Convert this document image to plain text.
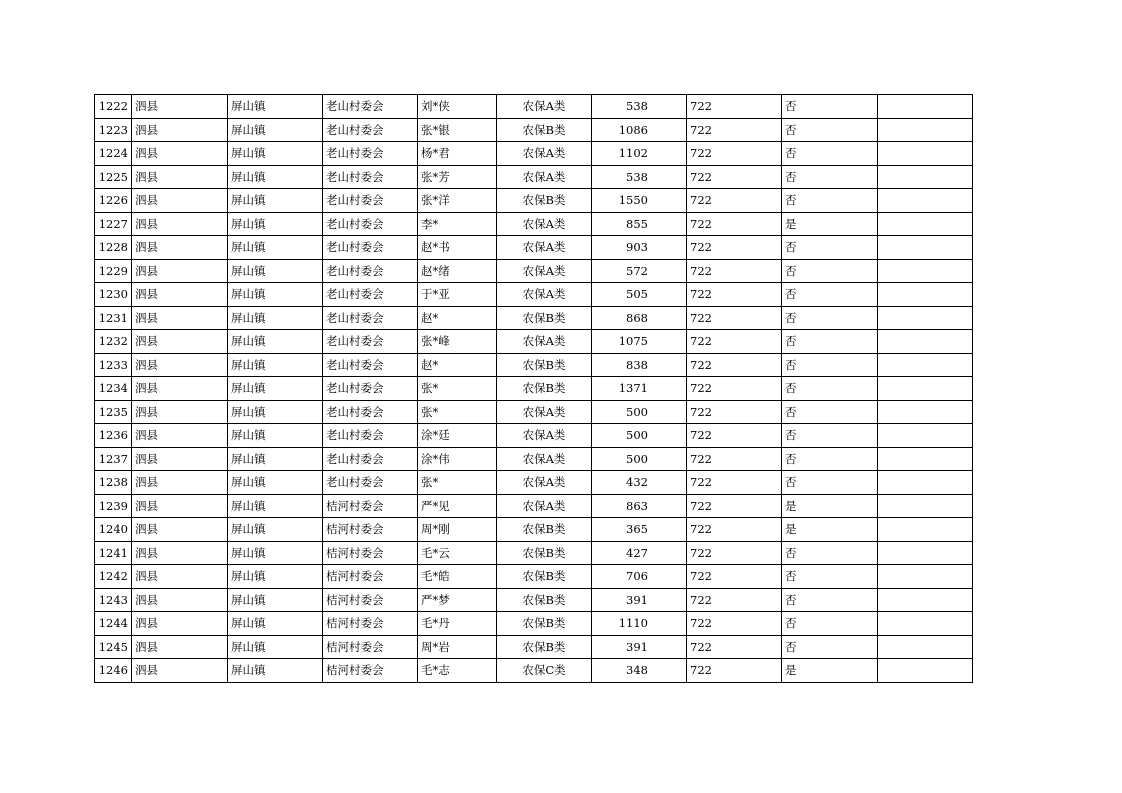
1222	泗县	屏山镇	老山村委会	刘*侠	农保A类	538	722	否	
1223	泗县	屏山镇	老山村委会	张*银	农保B类	1086	722	否	
1224	泗县	屏山镇	老山村委会	杨*君	农保A类	1102	722	否	
1225	泗县	屏山镇	老山村委会	张*芳	农保A类	538	722	否	
1226	泗县	屏山镇	老山村委会	张*洋	农保B类	1550	722	否	
1227	泗县	屏山镇	老山村委会	李*	农保A类	855	722	是	
1228	泗县	屏山镇	老山村委会	赵*书	农保A类	903	722	否	
1229	泗县	屏山镇	老山村委会	赵*绪	农保A类	572	722	否	
1230	泗县	屏山镇	老山村委会	于*亚	农保A类	505	722	否	
1231	泗县	屏山镇	老山村委会	赵*	农保B类	868	722	否	
1232	泗县	屏山镇	老山村委会	张*峰	农保A类	1075	722	否	
1233	泗县	屏山镇	老山村委会	赵*	农保B类	838	722	否	
1234	泗县	屏山镇	老山村委会	张*	农保B类	1371	722	否	
1235	泗县	屏山镇	老山村委会	张*	农保A类	500	722	否	
1236	泗县	屏山镇	老山村委会	涂*廷	农保A类	500	722	否	
1237	泗县	屏山镇	老山村委会	涂*伟	农保A类	500	722	否	
1238	泗县	屏山镇	老山村委会	张*	农保A类	432	722	否	
1239	泗县	屏山镇	桔河村委会	严*见	农保A类	863	722	是	
1240	泗县	屏山镇	桔河村委会	周*刚	农保B类	365	722	是	
1241	泗县	屏山镇	桔河村委会	毛*云	农保B类	427	722	否	
1242	泗县	屏山镇	桔河村委会	毛*皓	农保B类	706	722	否	
1243	泗县	屏山镇	桔河村委会	严*梦	农保B类	391	722	否	
1244	泗县	屏山镇	桔河村委会	毛*丹	农保B类	1110	722	否	
1245	泗县	屏山镇	桔河村委会	周*岩	农保B类	391	722	否	
1246	泗县	屏山镇	桔河村委会	毛*志	农保C类	348	722	是	
